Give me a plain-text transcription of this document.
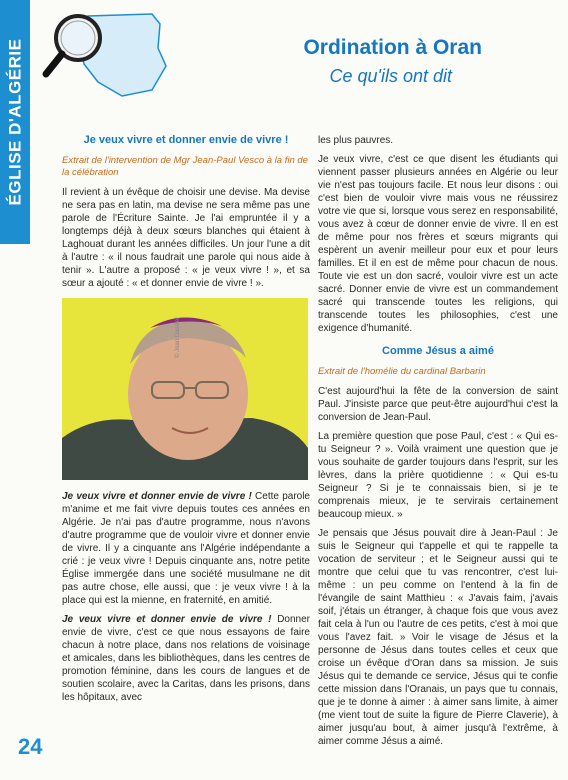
ÉGLISE D'ALGÉRIE	Ordination à Oran
Ce qu'ils ont dit
Je veux vivre et donner envie de vivre !
Extrait de l'intervention de Mgr Jean-Paul Vesco à la fin de la célébration

Il revient à un évêque de choisir une devise. Ma devise ne sera pas en latin, ma devise ne sera même pas une parole de l'Écriture Sainte. Je l'ai empruntée il y a longtemps déjà à deux sœurs blanches qui étaient à Laghouat durant les années difficiles. Un jour l'une a dit à l'autre : « il nous faudrait une parole qui nous aide à tenir ». L'autre a proposé : « je veux vivre ! », et sa sœur a ajouté : « et donner envie de vivre ! ».

© Jean Dassier

Je veux vivre et donner envie de vivre ! Cette parole m'anime et me fait vivre depuis toutes ces années en Algérie. Je n'ai pas d'autre programme, nous n'avons d'autre programme que de vouloir vivre et donner envie de vivre. Il y a cinquante ans l'Algérie indépendante a crié : je veux vivre ! Depuis cinquante ans, notre petite Église immergée dans une société musulmane ne dit pas autre chose, elle aussi, que : je veux vivre ! à la place qui est la mienne, en fraternité, en amitié.

Je veux vivre et donner envie de vivre ! Donner envie de vivre, c'est ce que nous essayons de faire chacun à notre place, dans nos relations de voisinage et amicales, dans les bibliothèques, dans les centres de promotion féminine, dans les cours de langues et de soutien scolaire, avec la Caritas, dans les prisons, dans les hôpitaux, avec

les plus pauvres.

Je veux vivre, c'est ce que disent les étudiants qui viennent passer plusieurs années en Algérie ou leur vie n'est pas toujours facile. Et nous leur disons : oui c'est bien de vouloir vivre mais vous ne réussirez votre vie que si, lorsque vous serez en responsabilité, vous avez à cœur de donner envie de vivre. Il en est de même pour nos frères et sœurs migrants qui espèrent un avenir meilleur pour eux et pour leurs familles. Et il en est de même pour chacun de nous. Toute vie est un don sacré, vouloir vivre est un acte sacré. Donner envie de vivre est un commandement sacré qui transcende toutes les religions, qui transcende toutes les philosophies, c'est une exigence d'humanité.

Comme Jésus a aimé
Extrait de l'homélie du cardinal Barbarin

C'est aujourd'hui la fête de la conversion de saint Paul. J'insiste parce que peut-être aujourd'hui c'est la conversion de Jean-Paul.

La première question que pose Paul, c'est : « Qui es-tu Seigneur ? ». Voilà vraiment une question que je vous souhaite de garder toujours dans l'esprit, sur les lèvres, dans la prière quotidienne : « Qui es-tu Seigneur ? Si je te connaissais bien, si je te comprenais mieux, je te servirais certainement beaucoup mieux. »

Je pensais que Jésus pouvait dire à Jean-Paul : Je suis le Seigneur qui t'appelle et qui te rappelle ta vocation de serviteur ; et le Seigneur aussi qui te montre que celui que tu vas rencontrer, c'est lui-même : un peu comme on l'entend à la fin de l'évangile de saint Matthieu : « J'avais faim, j'avais soif, j'étais un étranger, à chaque fois que vous avez fait cela à l'un ou l'autre de ces petits, c'est à moi que vous l'avez fait. » Voir le visage de Jésus et la personne de Jésus dans toutes celles et ceux que croise un évêque d'Oran dans sa mission. Je suis Jésus qui te demande ce service, Jésus qui te confie cette mission dans l'Oranais, un pays que tu connais, que je te donne à aimer : à aimer sans limite, à aimer (me vient tout de suite la figure de Pierre Claverie), à aimer jusqu'au bout, à aimer jusqu'à l'extrême, à aimer comme Jésus a aimé.

24
